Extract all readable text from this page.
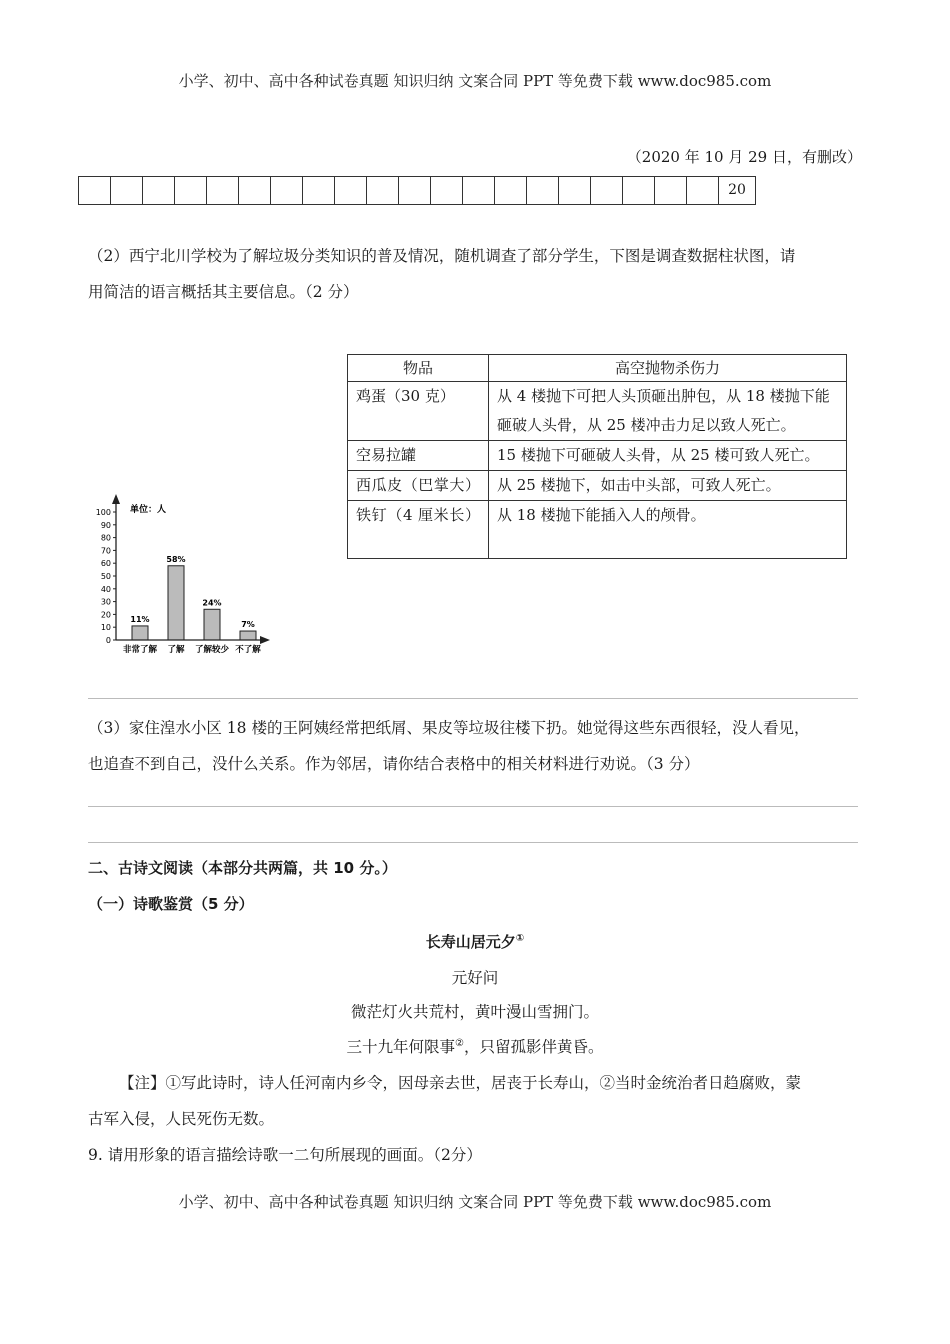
小学、初中、高中各种试卷真题 知识归纳 文案合同 PPT 等免费下载 www.doc985.com
（2020 年 10 月 29 日，有删改）
20

（2）西宁北川学校为了解垃圾分类知识的普及情况，随机调查了部分学生，下图是调查数据柱状图，请

用简洁的语言概括其主要信息。（2 分）

100
90
80
70
60
50
40
30
20
10
0
11%
58%
24%
7%
非常了解 了解 了解较少 不了解
单位：人
物品	高空抛物杀伤力
鸡蛋（30 克）	从 4 楼抛下可把人头顶砸出肿包，从 18 楼抛下能砸破人头骨，从 25 楼冲击力足以致人死亡。
空易拉罐	15 楼抛下可砸破人头骨，从 25 楼可致人死亡。
西瓜皮（巴掌大）	从 25 楼抛下，如击中头部，可致人死亡。
铁钉（4 厘米长）	从 18 楼抛下能插入人的颅骨。

（3）家住湟水小区 18 楼的王阿姨经常把纸屑、果皮等垃圾往楼下扔。她觉得这些东西很轻，没人看见，

也追查不到自己，没什么关系。作为邻居，请你结合表格中的相关材料进行劝说。（3 分）

二、古诗文阅读（本部分共两篇，共 10 分。）
（一）诗歌鉴赏（5 分）
长寿山居元夕①
元好问
微茫灯火共荒村，黄叶漫山雪拥门。
三十九年何限事②，只留孤影伴黄昏。

【注】①写此诗时，诗人任河南内乡令，因母亲去世，居丧于长寿山，②当时金统治者日趋腐败，蒙

古军入侵，人民死伤无数。

9. 请用形象的语言描绘诗歌一二句所展现的画面。（2分）
小学、初中、高中各种试卷真题 知识归纳 文案合同 PPT 等免费下载 www.doc985.com
